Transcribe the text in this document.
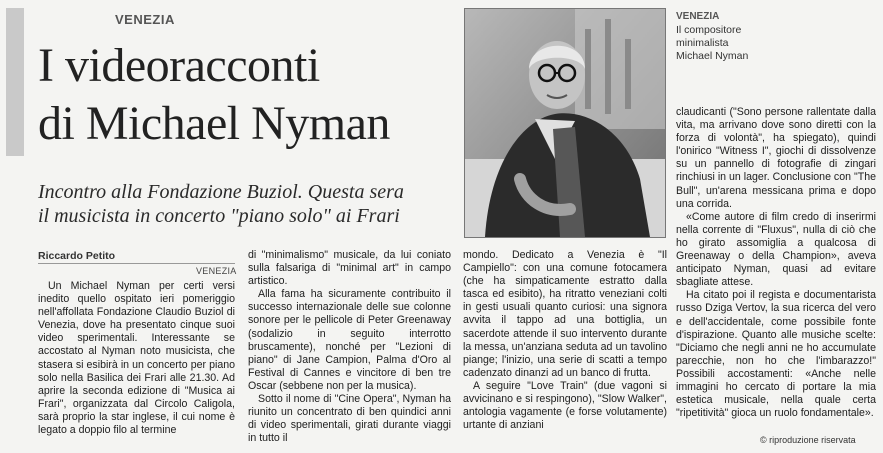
VENEZIA
I videoracconti
di Michael Nyman
Incontro alla Fondazione Buziol. Questa sera
il musicista in concerto "piano solo" ai Frari
Riccardo Petito
VENEZIA

Un Michael Nyman per certi versi inedito quello ospitato ieri pomeriggio nell'affollata Fondazione Claudio Buziol di Venezia, dove ha presentato cinque suoi video sperimentali. Interessante se accostato al Nyman noto musicista, che stasera si esibirà in un concerto per piano solo nella Basilica dei Frari alle 21.30. Ad aprire la seconda edizione di "Musica ai Frari", organizzata dal Circolo Caligola, sarà proprio la star inglese, il cui nome è legato a doppio filo al termine

di "minimalismo" musicale, da lui coniato sulla falsariga di "minimal art" in campo artistico.

Alla fama ha sicuramente contribuito il successo internazionale delle sue colonne sonore per le pellicole di Peter Greenaway (sodalizio in seguito interrotto bruscamente), nonché per "Lezioni di piano" di Jane Campion, Palma d'Oro al Festival di Cannes e vincitore di ben tre Oscar (sebbene non per la musica).

Sotto il nome di "Cine Opera", Nyman ha riunito un concentrato di ben quindici anni di video sperimentali, girati durante viaggi in tutto il

mondo. Dedicato a Venezia è "Il Campiello": con una comune fotocamera (che ha simpaticamente estratto dalla tasca ed esibito), ha ritratto veneziani colti in gesti usuali quanto curiosi: una signora avvita il tappo ad una bottiglia, un sacerdote attende il suo intervento durante la messa, un'anziana seduta ad un tavolino piange; l'inizio, una serie di scatti a tempo cadenzato dinanzi ad un banco di frutta.

A seguire "Love Train" (due vagoni si avvicinano e si respingono), "Slow Walker", antologia vagamente (e forse volutamente) urtante di anziani

VENEZIA
Il compositore
minimalista
Michael Nyman

claudicanti ("Sono persone rallentate dalla vita, ma arrivano dove sono diretti con la forza di volontà", ha spiegato), quindi l'onirico "Witness I", giochi di dissolvenze su un pannello di fotografie di zingari rinchiusi in un lager. Conclusione con "The Bull", un'arena messicana prima e dopo una corrida.

«Come autore di film credo di inserirmi nella corrente di "Fluxus", nulla di ciò che ho girato assomiglia a qualcosa di Greenaway o della Champion», aveva anticipato Nyman, quasi ad evitare sbagliate attese.

Ha citato poi il regista e documentarista russo Dziga Vertov, la sua ricerca del vero e dell'accidentale, come possibile fonte d'ispirazione. Quanto alle musiche scelte: "Diciamo che negli anni ne ho accumulate parecchie, non ho che l'imbarazzo!" Possibili accostamenti: «Anche nelle immagini ho cercato di portare la mia estetica musicale, nella quale certa "ripetitività" gioca un ruolo fondamentale».

© riproduzione riservata
